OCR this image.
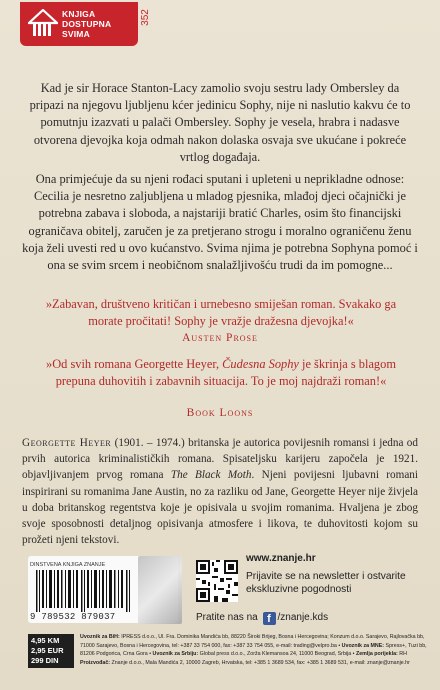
KNJIGA
DOSTUPNA
SVIMA
352
Kad je sir Horace Stanton-Lacy zamolio svoju sestru lady Ombersley da pripazi na njegovu ljubljenu kćer jedinicu Sophy, nije ni naslutio kakvu će to pomutnju izazvati u palači Ombersley. Sophy je vesela, hrabra i nadasve otvorena djevojka koja odmah nakon dolaska osvaja sve ukućane i pokreće vrtlog događaja.
Ona primjećuje da su njeni rođaci sputani i upleteni u neprikladne odnose: Cecilia je nesretno zaljubljena u mladog pjesnika, mlađoj djeci očajnički je potrebna zabava i sloboda, a najstariji bratić Charles, osim što financijski ograničava obitelj, zaručen je za pretjerano strogu i moralno ograničenu ženu koja želi uvesti red u ovo kućanstvo. Svima njima je potrebna Sophyna pomoć i ona se svim srcem i neobičnom snalažljivošću trudi da im pomogne...
»Zabavan, društveno kritičan i urnebesno smiješan roman. Svakako ga morate pročitati! Sophy je vražje dražesna djevojka!«
Austen Prose
»Od svih romana Georgette Heyer, Čudesna Sophy je škrinja s blagom prepuna duhovitih i zabavnih situacija. To je moj najdraži roman!«
Book Loons
Georgette Heyer (1901. – 1974.) britanska je autorica povijesnih romansi i jedna od prvih autorica kriminalističkih romana. Spisateljsku karijeru započela je 1921. objavljivanjem prvog romana The Black Moth. Njeni povijesni ljubavni romani inspirirani su romanima Jane Austin, no za razliku od Jane, Georgette Heyer nije živjela u doba britanskog regentstva koje je opisivala u svojim romanima. Hvaljena je zbog svoje sposobnosti detaljnog opisivanja atmosfere i likova, te duhovitosti kojom su prožeti njeni tekstovi.
DINSTVENA KNJIGA ZNANJE
9 789532 879037
www.znanje.hr
Prijavite se na newsletter i ostvarite ekskluzivne pogodnosti
Pratite nas na f /znanje.kds
4,95 KM
2,95 EUR
299 DIN
Uvoznik za BiH: IPRESS d.o.o., Ul. Fra. Dominika Mandića bb, 88220 Široki Brijeg, Bosna i Hercegovina; Konzum d.o.o. Sarajevo, Rajlovačka bb, 71000 Sarajevo, Bosna i Hercegovina, tel: +387 33 754 000, fax: +387 33 754 055, e-mail: trading@velpro.ba • Uvoznik za MNE: Spress+, Tuzi bb, 81206 Podgorica, Crna Gora • Uvoznik za Srbiju: Global press d.o.o., Zorža Klemansoa 24, 11000 Beograd, Srbija • Zemlja porijekla: RH Proizvođač: Znanje d.o.o., Mala Mandića 2, 10000 Zagreb, Hrvatska, tel: +385 1 3689 534, fax: +385 1 3689 531, e-mail: znanje@znanje.hr
